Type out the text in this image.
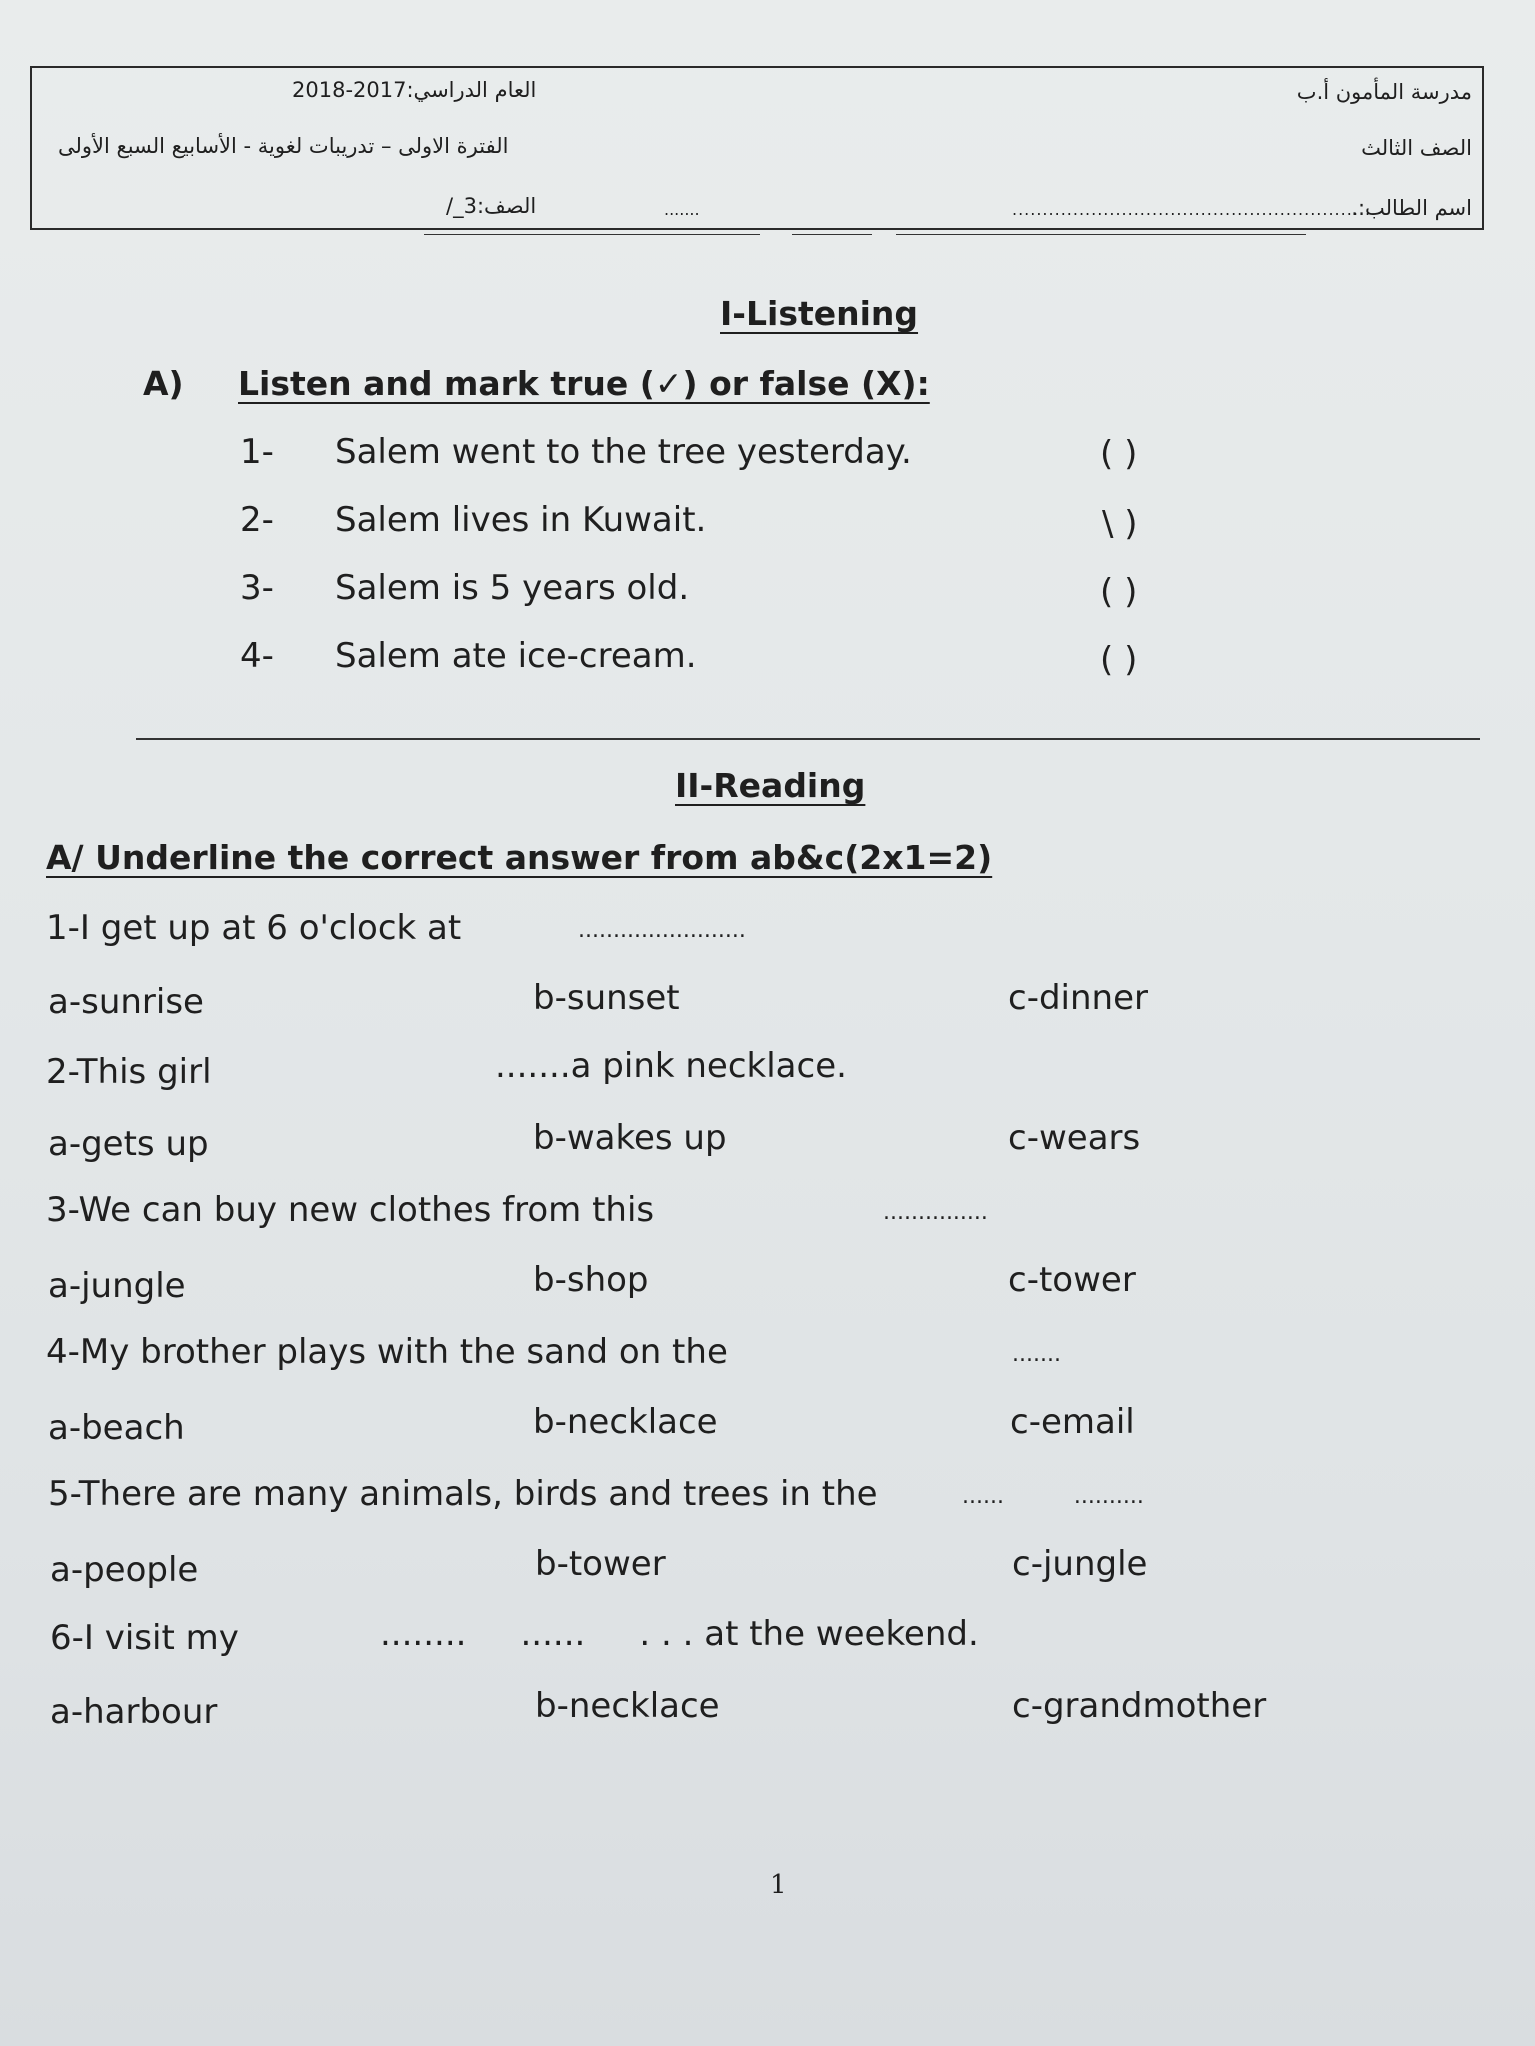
مدرسة المأمون أ.ب
العام الدراسي:2017-2018
الصف الثالث
الفترة الاولى – تدريبات لغوية - الأسابيع السبع الأولى
اسم الطالب:.
...........................................................
الصف:3_/	.......
I-Listening
A) Listen and mark true (✓) or false (X):
1- Salem went to the tree yesterday.	( )
2- Salem lives in Kuwait.	\ )
3- Salem is 5 years old.	( )
4- Salem ate ice-cream.	( )
II-Reading
A/ Underline the correct answer from ab&c(2x1=2)
1-I get up at 6 o'clock at	........................
a-sunrise	b-sunset	c-dinner
2-This girl	.......a pink necklace.
a-gets up	b-wakes up	c-wears
3-We can buy new clothes from this	...............
a-jungle	b-shop	c-tower
4-My brother plays with the sand on the	.......
a-beach	b-necklace	c-email
5-There are many animals, birds and trees in the	......          ..........
a-people	b-tower	c-jungle
6-I visit my	........     ......     . . . at the weekend.
a-harbour	b-necklace	c-grandmother
1
